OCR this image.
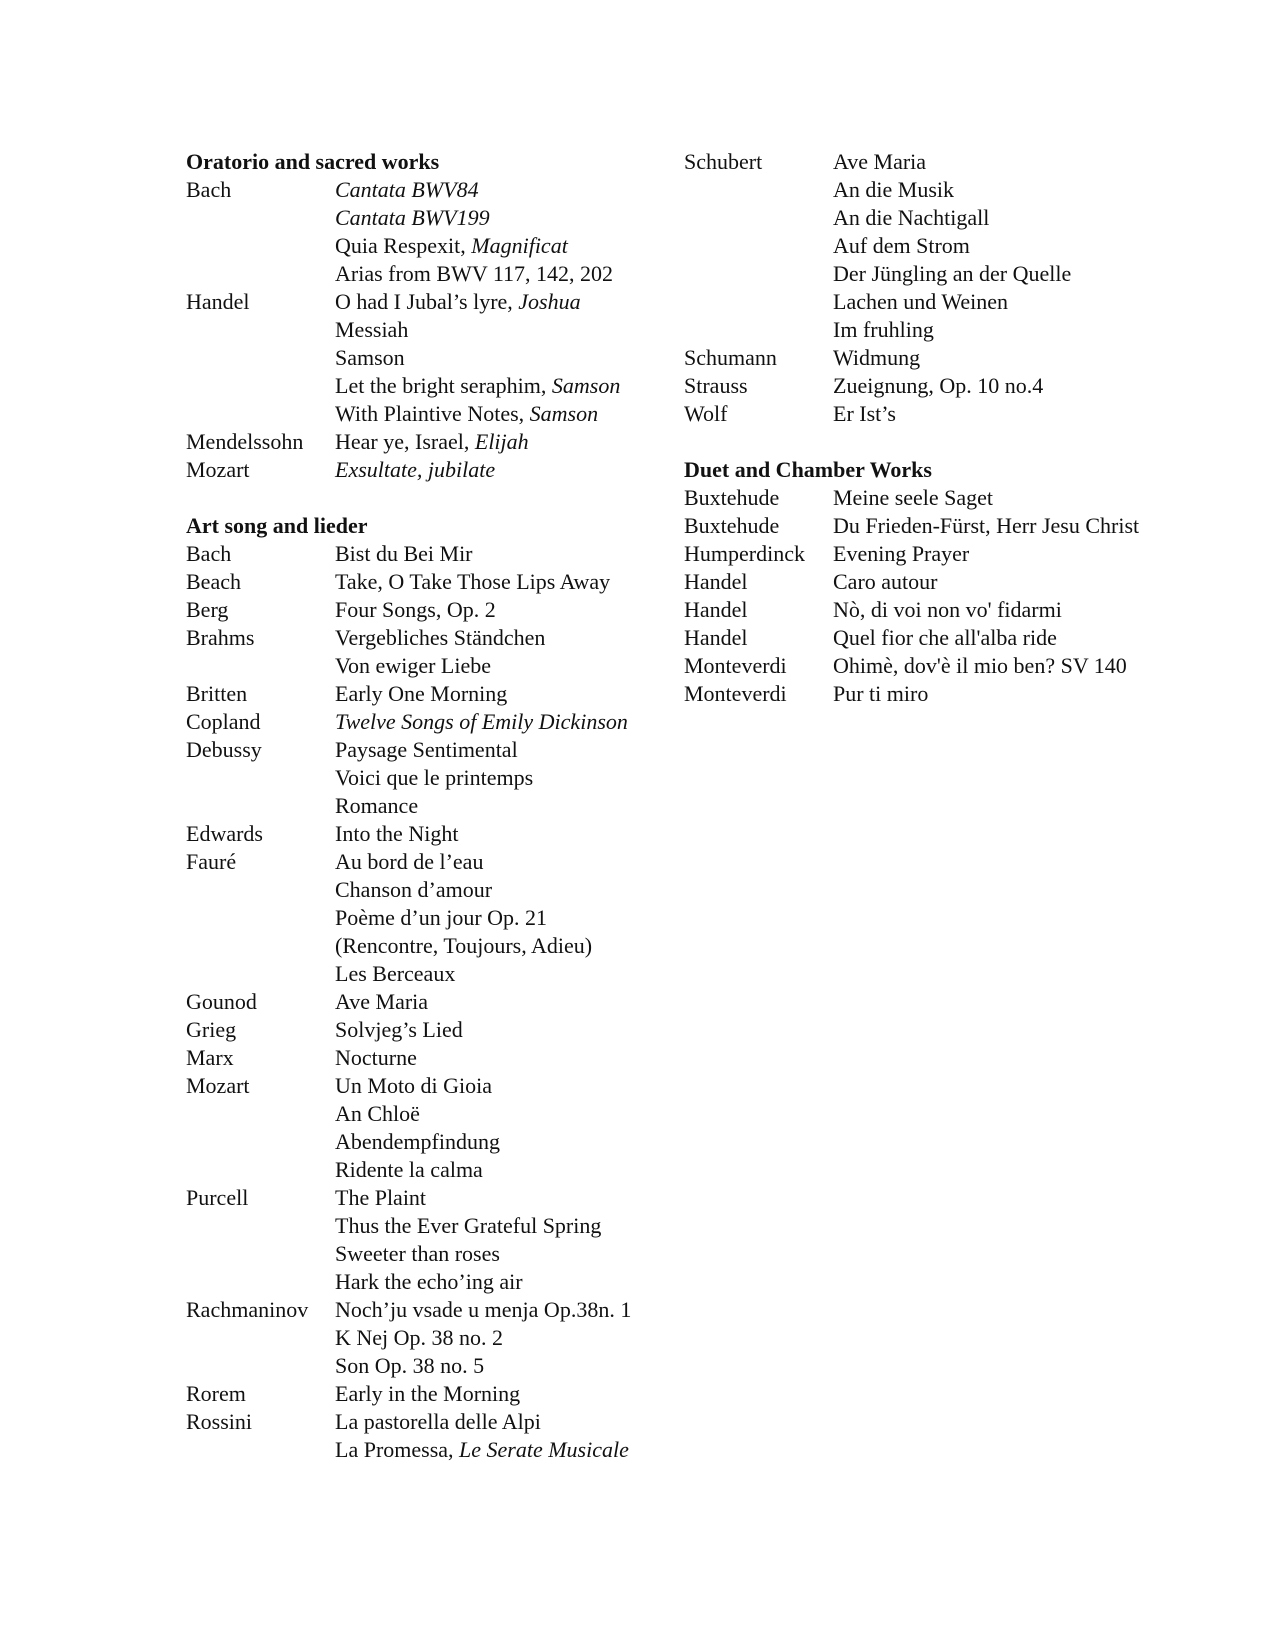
Oratorio and sacred works
Bach	Cantata BWV84
Cantata BWV199
Quia Respexit, Magnificat
Arias from BWV 117, 142, 202
Handel	O had I Jubal’s lyre, Joshua
Messiah
Samson
Let the bright seraphim, Samson
With Plaintive Notes, Samson
Mendelssohn	Hear ye, Israel, Elijah
Mozart	Exsultate, jubilate
Art song and lieder
Bach	Bist du Bei Mir
Beach	Take, O Take Those Lips Away
Berg	Four Songs, Op. 2
Brahms	Vergebliches Ständchen
Von ewiger Liebe
Britten	Early One Morning
Copland	Twelve Songs of Emily Dickinson
Debussy	Paysage Sentimental
Voici que le printemps
Romance
Edwards	Into the Night
Fauré	Au bord de l’eau
Chanson d’amour
Poème d’un jour Op. 21
(Rencontre, Toujours, Adieu)
Les Berceaux
Gounod	Ave Maria
Grieg	Solvjeg’s Lied
Marx	Nocturne
Mozart	Un Moto di Gioia
An Chloë
Abendempfindung
Ridente la calma
Purcell	The Plaint
Thus the Ever Grateful Spring
Sweeter than roses
Hark the echo’ing air
Rachmaninov	Noch’ju vsade u menja Op.38n. 1
K Nej Op. 38 no. 2
Son Op. 38 no. 5
Rorem	Early in the Morning
Rossini	La pastorella delle Alpi
La Promessa, Le Serate Musicale
Schubert	Ave Maria
An die Musik
An die Nachtigall
Auf dem Strom
Der Jüngling an der Quelle
Lachen und Weinen
Im fruhling
Schumann	Widmung
Strauss	Zueignung, Op. 10 no.4
Wolf	Er Ist’s
Duet and Chamber Works
Buxtehude	Meine seele Saget
Buxtehude	Du Frieden-Fürst, Herr Jesu Christ
Humperdinck	Evening Prayer
Handel	Caro autour
Handel	Nò, di voi non vo' fidarmi
Handel	Quel fior che all'alba ride
Monteverdi	Ohimè, dov'è il mio ben? SV 140
Monteverdi	Pur ti miro
